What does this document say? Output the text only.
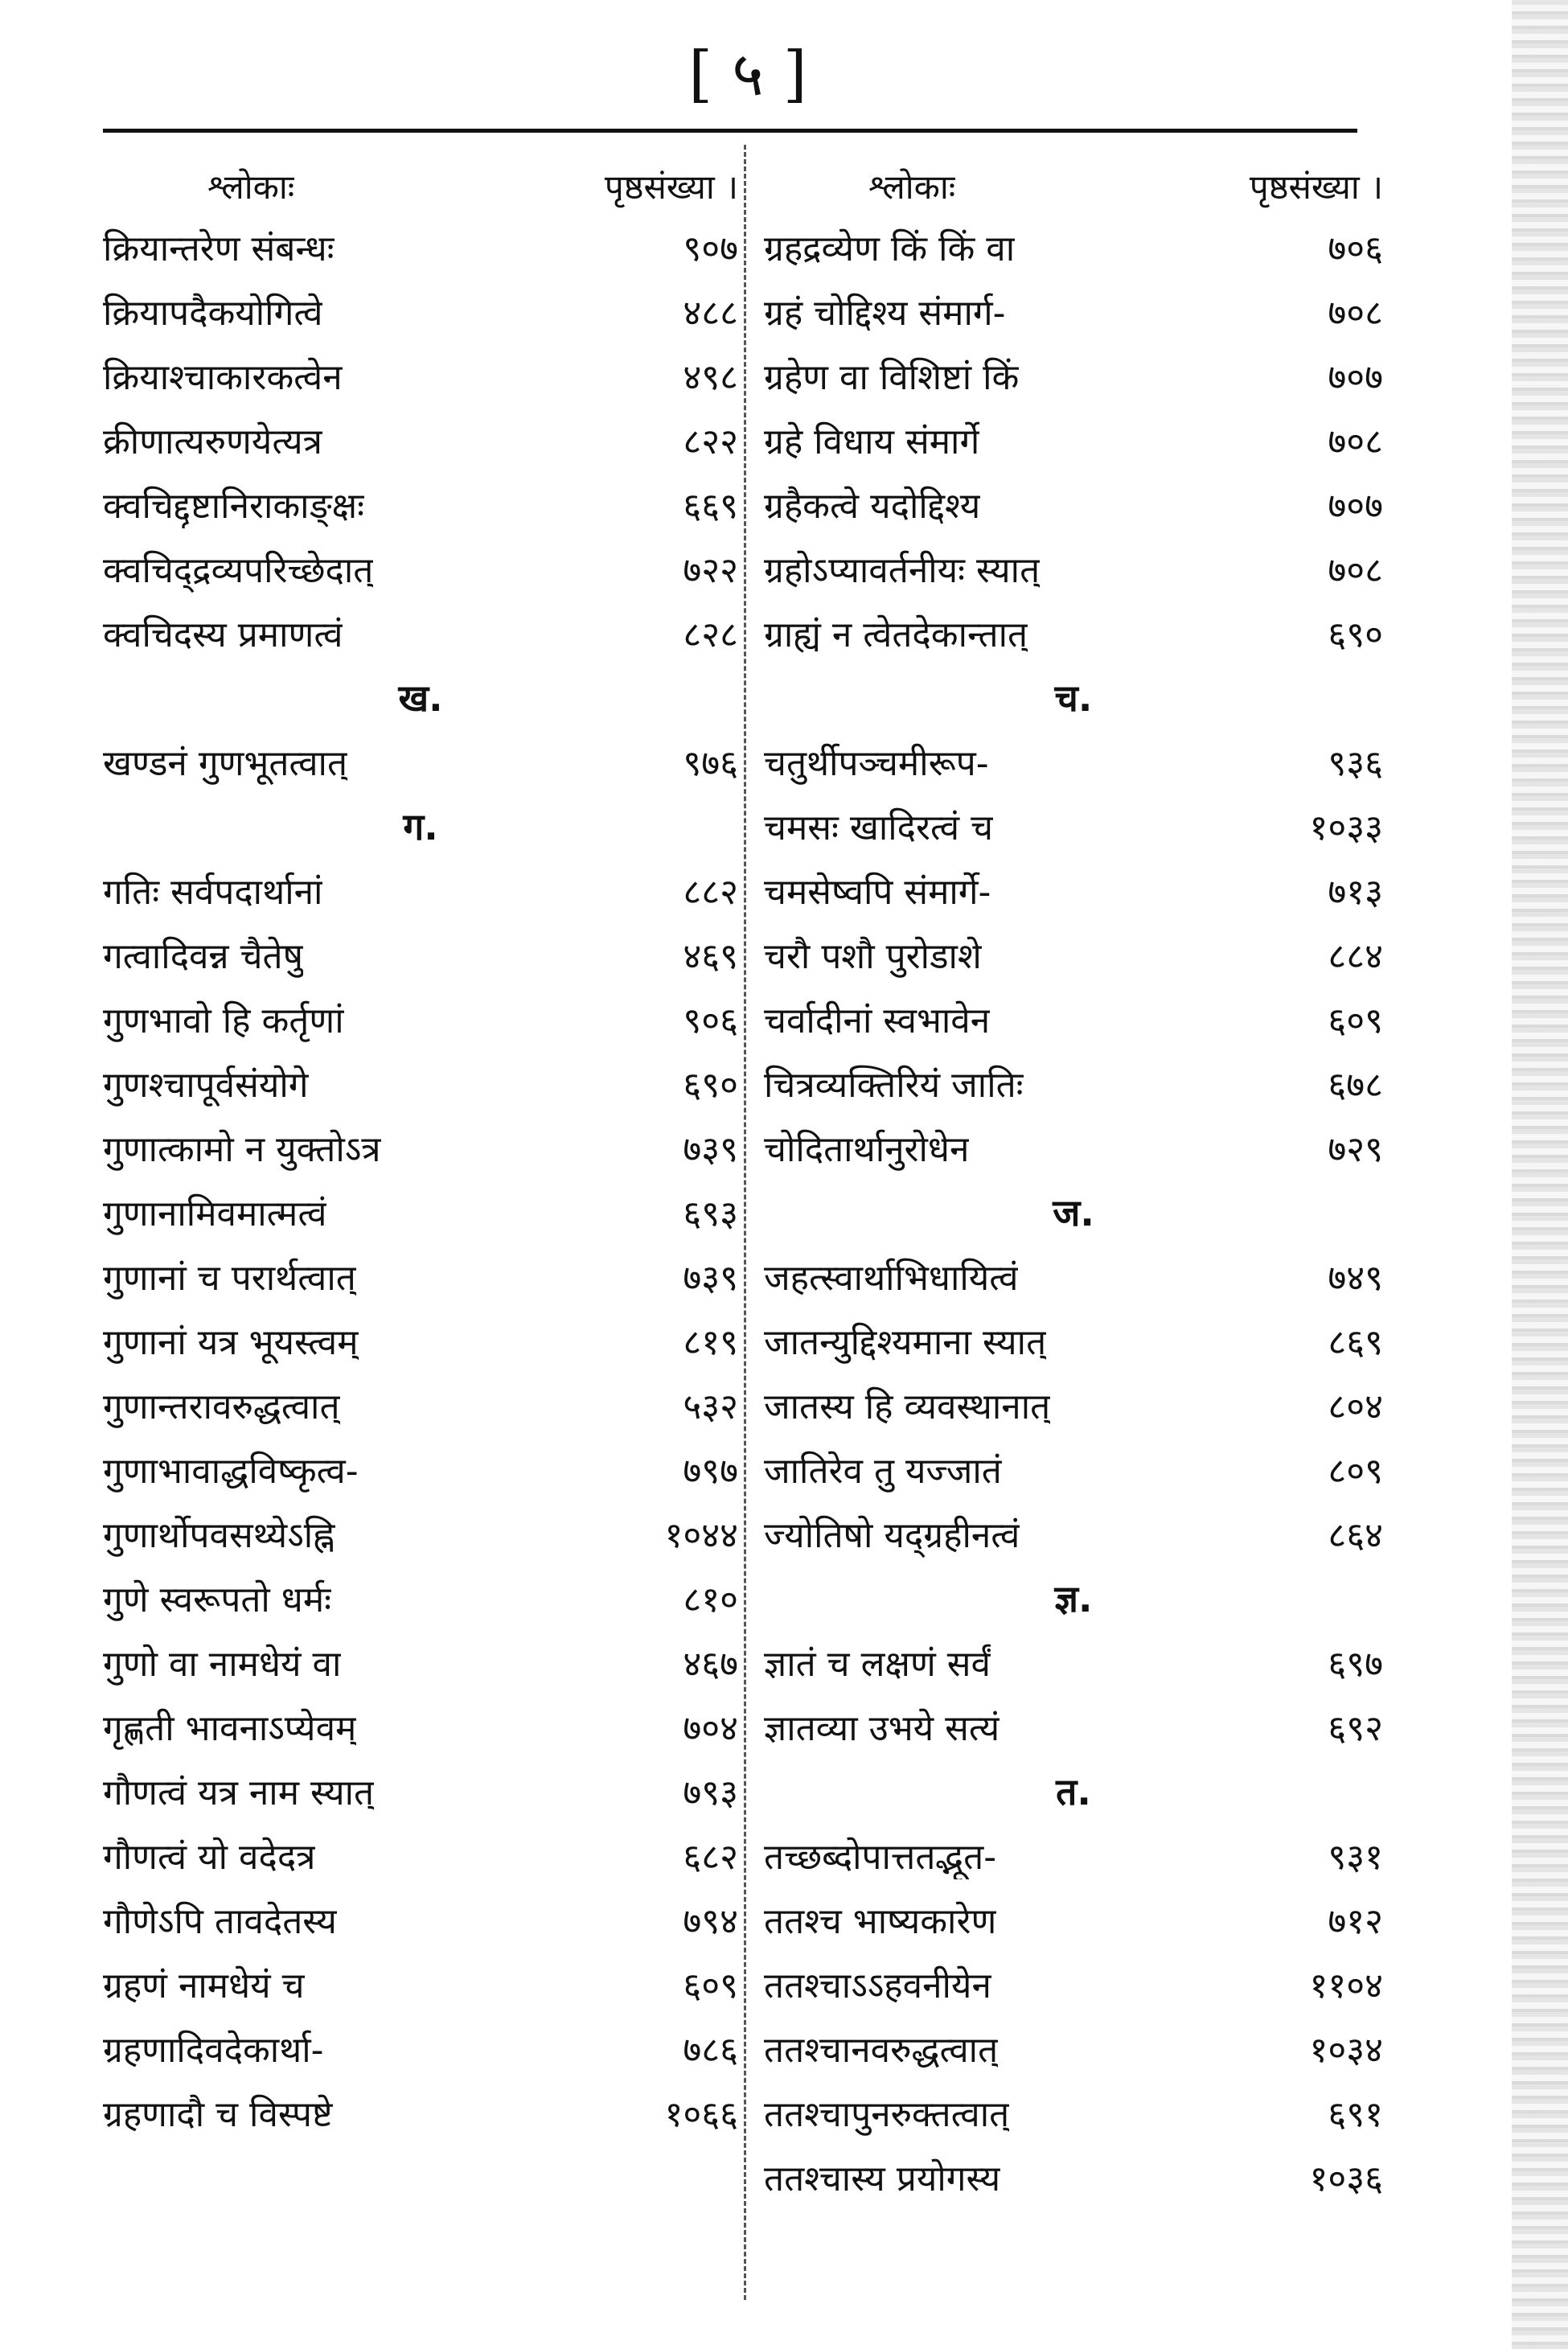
[ ५ ]
श्लोकाः	पृष्ठसंख्या ।
क्रियान्तरेण संबन्धः	९०७
क्रियापदैकयोगित्वे	४८८
क्रियाश्चाकारकत्वेन	४९८
क्रीणात्यरुणयेत्यत्र	८२२
क्वचिद्दृष्टानिराकाङ्क्षः	६६९
क्वचिद्द्रव्यपरिच्छेदात्	७२२
क्वचिदस्य प्रमाणत्वं	८२८
ख.
खण्डनं गुणभूतत्वात्	९७६
ग.
गतिः सर्वपदार्थानां	८८२
गत्वादिवन्न चैतेषु	४६९
गुणभावो हि कर्तृणां	९०६
गुणश्चापूर्वसंयोगे	६९०
गुणात्कामो न युक्तोऽत्र	७३९
गुणानामिवमात्मत्वं	६९३
गुणानां च परार्थत्वात्	७३९
गुणानां यत्र भूयस्त्वम्	८१९
गुणान्तरावरुद्धत्वात्	५३२
गुणाभावाद्धविष्कृत्व-	७९७
गुणार्थोपवसथ्येऽह्नि	१०४४
गुणे स्वरूपतो धर्मः	८१०
गुणो वा नामधेयं वा	४६७
गृह्णती भावनाऽप्येवम्	७०४
गौणत्वं यत्र नाम स्यात्	७९३
गौणत्वं यो वदेदत्र	६८२
गौणेऽपि तावदेतस्य	७९४
ग्रहणं नामधेयं च	६०९
ग्रहणादिवदेकार्था-	७८६
ग्रहणादौ च विस्पष्टे	१०६६
श्लोकाः	पृष्ठसंख्या ।
ग्रहद्रव्येण किं किं वा	७०६
ग्रहं चोद्दिश्य संमार्ग-	७०८
ग्रहेण वा विशिष्टां किं	७०७
ग्रहे विधाय संमार्गे	७०८
ग्रहैकत्वे यदोद्दिश्य	७०७
ग्रहोऽप्यावर्तनीयः स्यात्	७०८
ग्राह्यं न त्वेतदेकान्तात्	६९०
च.
चतुर्थीपञ्चमीरूप-	९३६
चमसः खादिरत्वं च	१०३३
चमसेष्वपि संमार्गे-	७१३
चरौ पशौ पुरोडाशे	८८४
चर्वादीनां स्वभावेन	६०९
चित्रव्यक्तिरियं जातिः	६७८
चोदितार्थानुरोधेन	७२९
ज.
जहत्स्वार्थाभिधायित्वं	७४९
जातन्युद्दिश्यमाना स्यात्	८६९
जातस्य हि व्यवस्थानात्	८०४
जातिरेव तु यज्जातं	८०९
ज्योतिषो यद्ग्रहीनत्वं	८६४
ज्ञ.
ज्ञातं च लक्षणं सर्वं	६९७
ज्ञातव्या उभये सत्यं	६९२
त.
तच्छब्दोपात्ततद्भूत-	९३१
ततश्च भाष्यकारेण	७१२
ततश्चाऽऽहवनीयेन	११०४
ततश्चानवरुद्धत्वात्	१०३४
ततश्चापुनरुक्तत्वात्	६९१
ततश्चास्य प्रयोगस्य	१०३६
